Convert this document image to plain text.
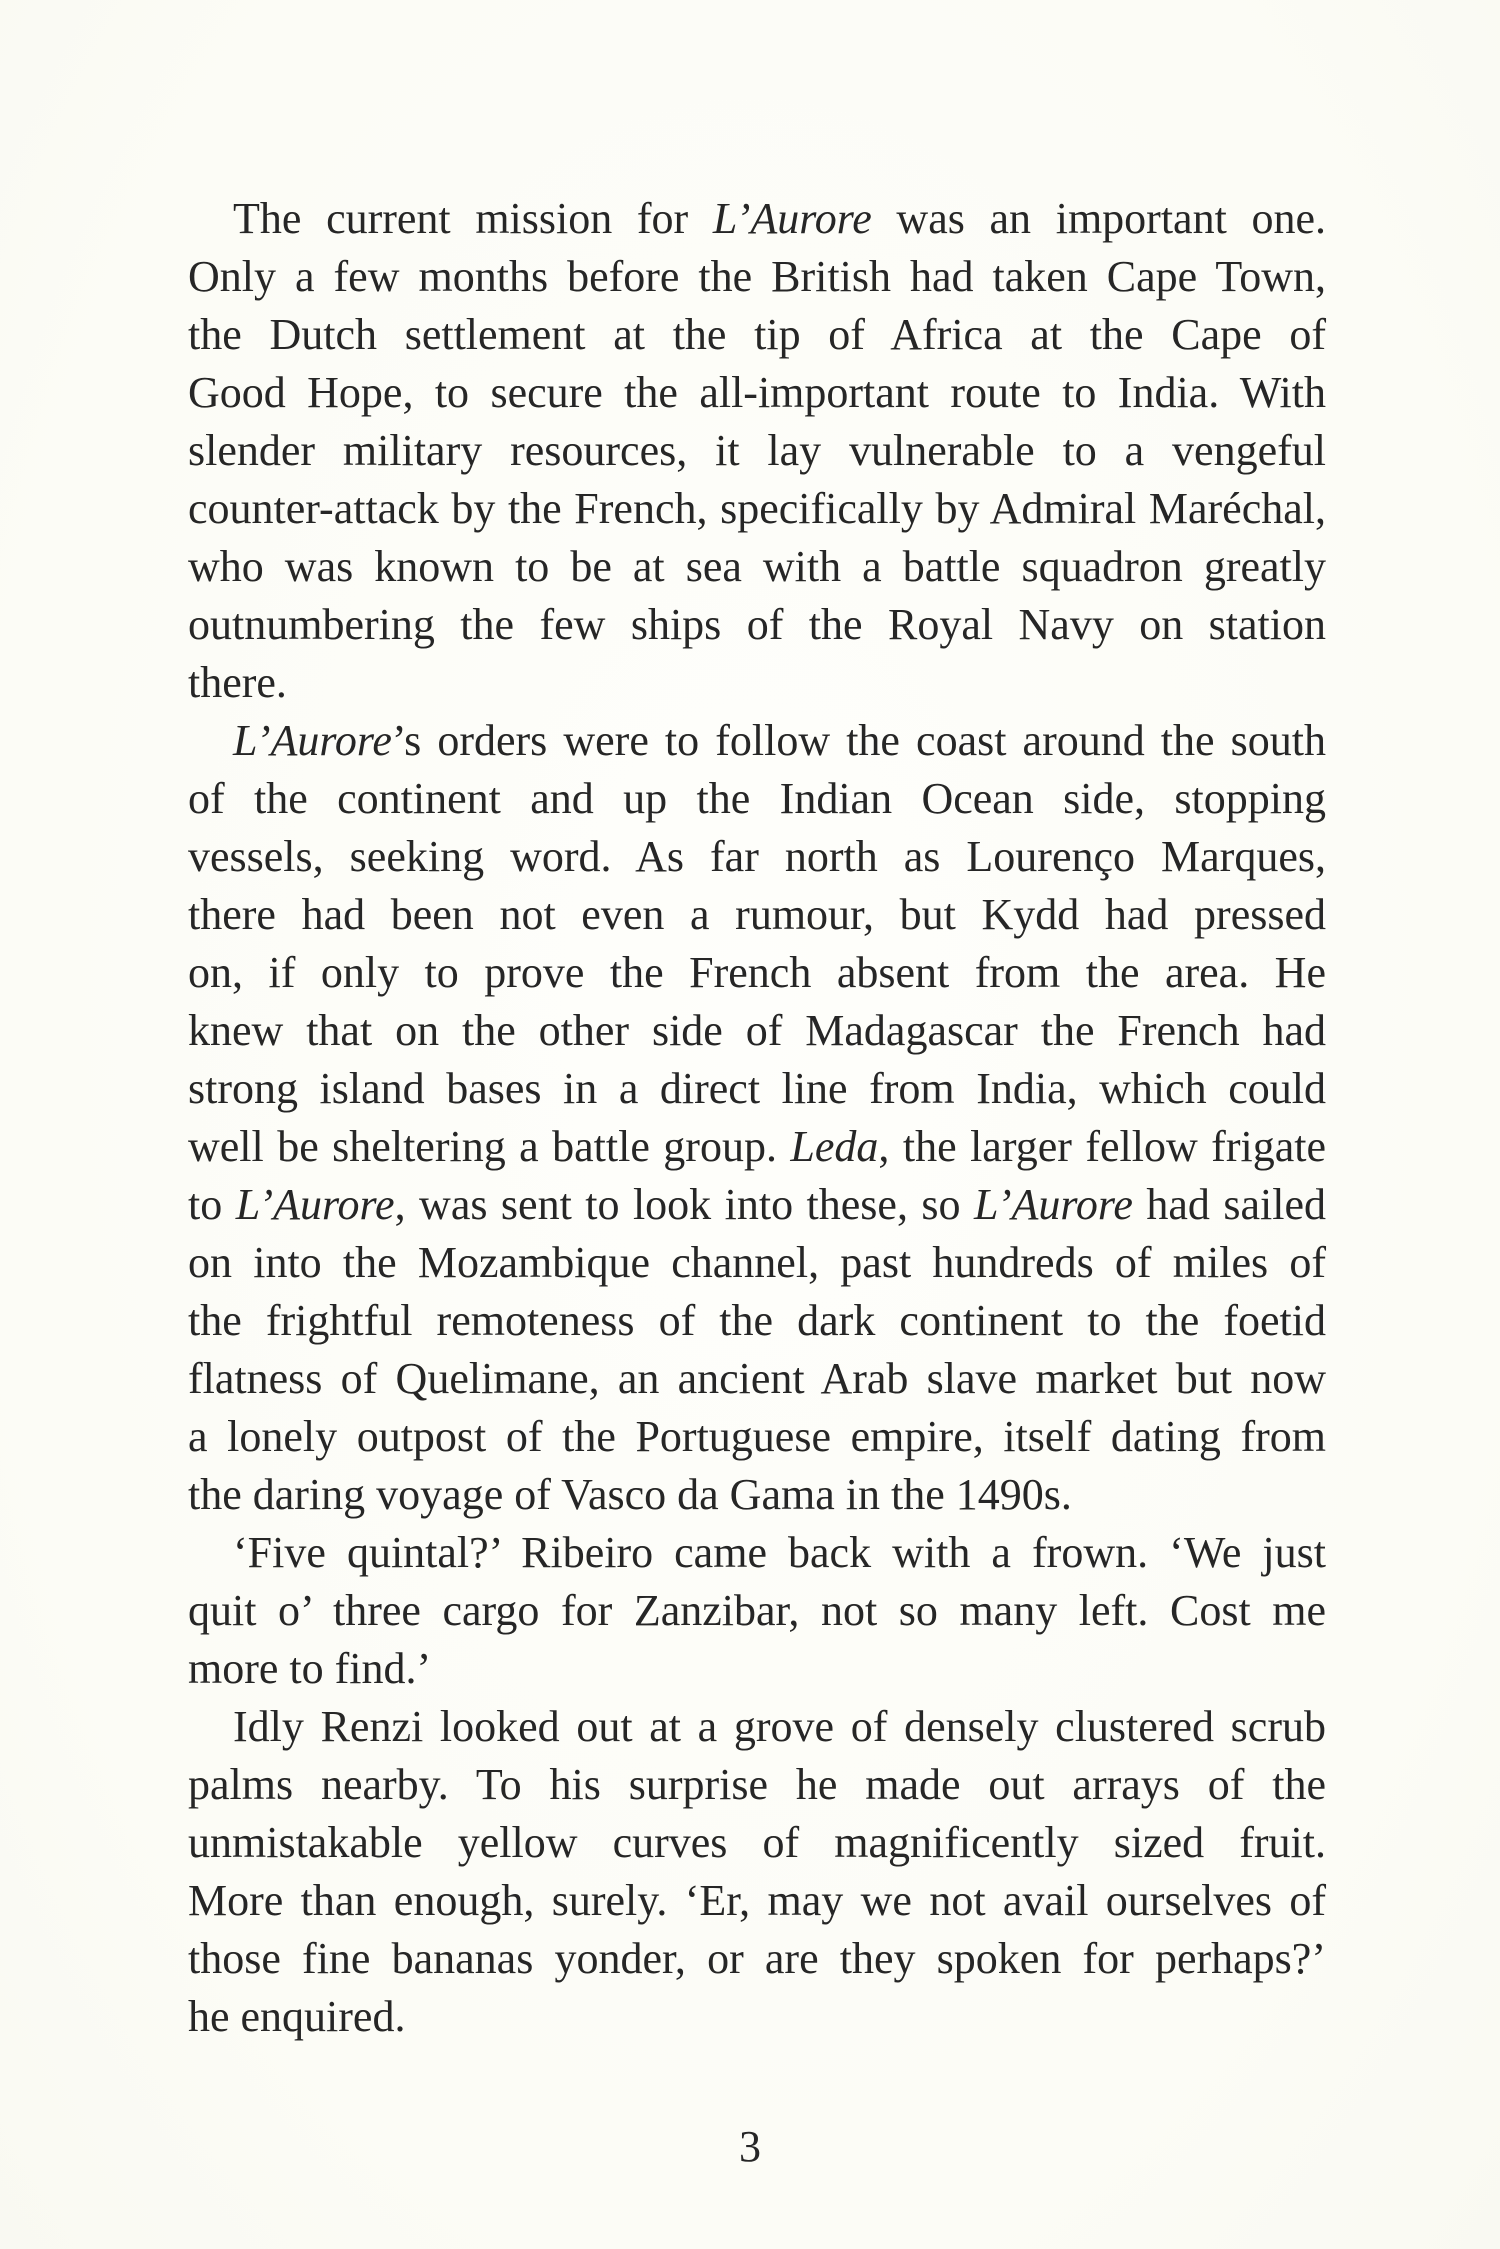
The current mission for L’Aurore was an important one.
Only a few months before the British had taken Cape Town,
the Dutch settlement at the tip of Africa at the Cape of
Good Hope, to secure the all-important route to India. With
slender military resources, it lay vulnerable to a vengeful
counter-attack by the French, specifically by Admiral Maréchal,
who was known to be at sea with a battle squadron greatly
outnumbering the few ships of the Royal Navy on station
there.
L’Aurore’s orders were to follow the coast around the south
of the continent and up the Indian Ocean side, stopping
vessels, seeking word. As far north as Lourenço Marques,
there had been not even a rumour, but Kydd had pressed
on, if only to prove the French absent from the area. He
knew that on the other side of Madagascar the French had
strong island bases in a direct line from India, which could
well be sheltering a battle group. Leda, the larger fellow frigate
to L’Aurore, was sent to look into these, so L’Aurore had sailed
on into the Mozambique channel, past hundreds of miles of
the frightful remoteness of the dark continent to the foetid
flatness of Quelimane, an ancient Arab slave market but now
a lonely outpost of the Portuguese empire, itself dating from
the daring voyage of Vasco da Gama in the 1490s.
‘Five quintal?’ Ribeiro came back with a frown. ‘We just
quit o’ three cargo for Zanzibar, not so many left. Cost me
more to find.’
Idly Renzi looked out at a grove of densely clustered scrub
palms nearby. To his surprise he made out arrays of the
unmistakable yellow curves of magnificently sized fruit.
More than enough, surely. ‘Er, may we not avail ourselves of
those fine bananas yonder, or are they spoken for perhaps?’
he enquired.
3
